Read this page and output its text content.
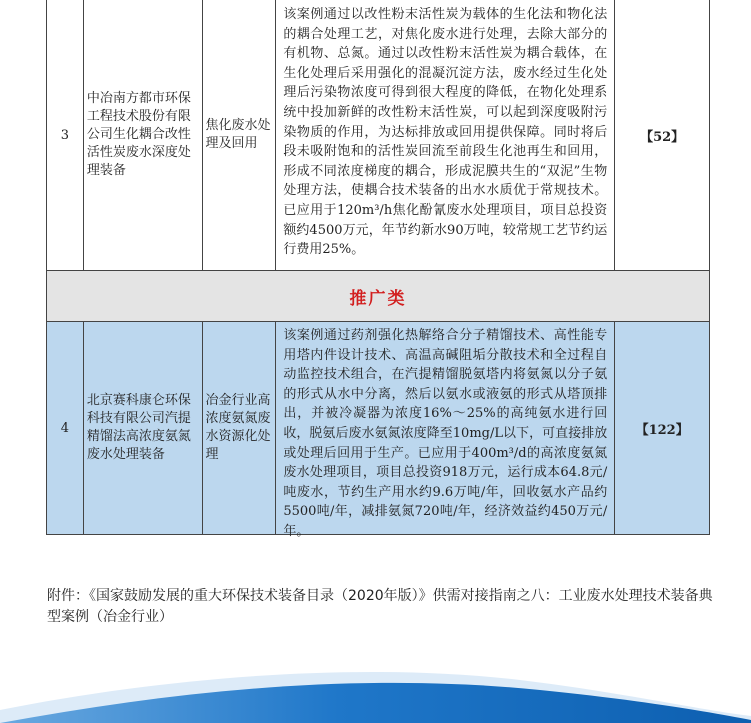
3
中冶南方都市环保工程技术股份有限公司生化耦合改性活性炭废水深度处理装备
焦化废水处理及回用
该案例通过以改性粉末活性炭为载体的生化法和物化法的耦合处理工艺，对焦化废水进行处理，去除大部分的有机物、总氮。通过以改性粉末活性炭为耦合载体，在生化处理后采用强化的混凝沉淀方法，废水经过生化处理后污染物浓度可得到很大程度的降低，在物化处理系统中投加新鲜的改性粉末活性炭，可以起到深度吸附污染物质的作用，为达标排放或回用提供保障。同时将后段未吸附饱和的活性炭回流至前段生化池再生和回用，形成不同浓度梯度的耦合，形成泥膜共生的“双泥”生物处理方法，使耦合技术装备的出水水质优于常规技术。已应用于120m³/h焦化酚氰废水处理项目，项目总投资额约4500万元，年节约新水90万吨，较常规工艺节约运行费用25%。
【52】
推广类
4
北京赛科康仑环保科技有限公司汽提精馏法高浓度氨氮废水处理装备
冶金行业高浓度氨氮废水资源化处理
该案例通过药剂强化热解络合分子精馏技术、高性能专用塔内件设计技术、高温高碱阻垢分散技术和全过程自动监控技术组合，在汽提精馏脱氨塔内将氨氮以分子氨的形式从水中分离，然后以氨水或液氨的形式从塔顶排出，并被冷凝器为浓度16%～25%的高纯氨水进行回收，脱氨后废水氨氮浓度降至10mg/L以下，可直接排放或处理后回用于生产。已应用于400m³/d的高浓度氨氮废水处理项目，项目总投资918万元，运行成本64.8元/吨废水，节约生产用水约9.6万吨/年，回收氨水产品约5500吨/年，减排氨氮720吨/年，经济效益约450万元/年。
【122】
附件：《国家鼓励发展的重大环保技术装备目录（2020年版）》供需对接指南之八：工业废水处理技术装备典型案例（冶金行业）
